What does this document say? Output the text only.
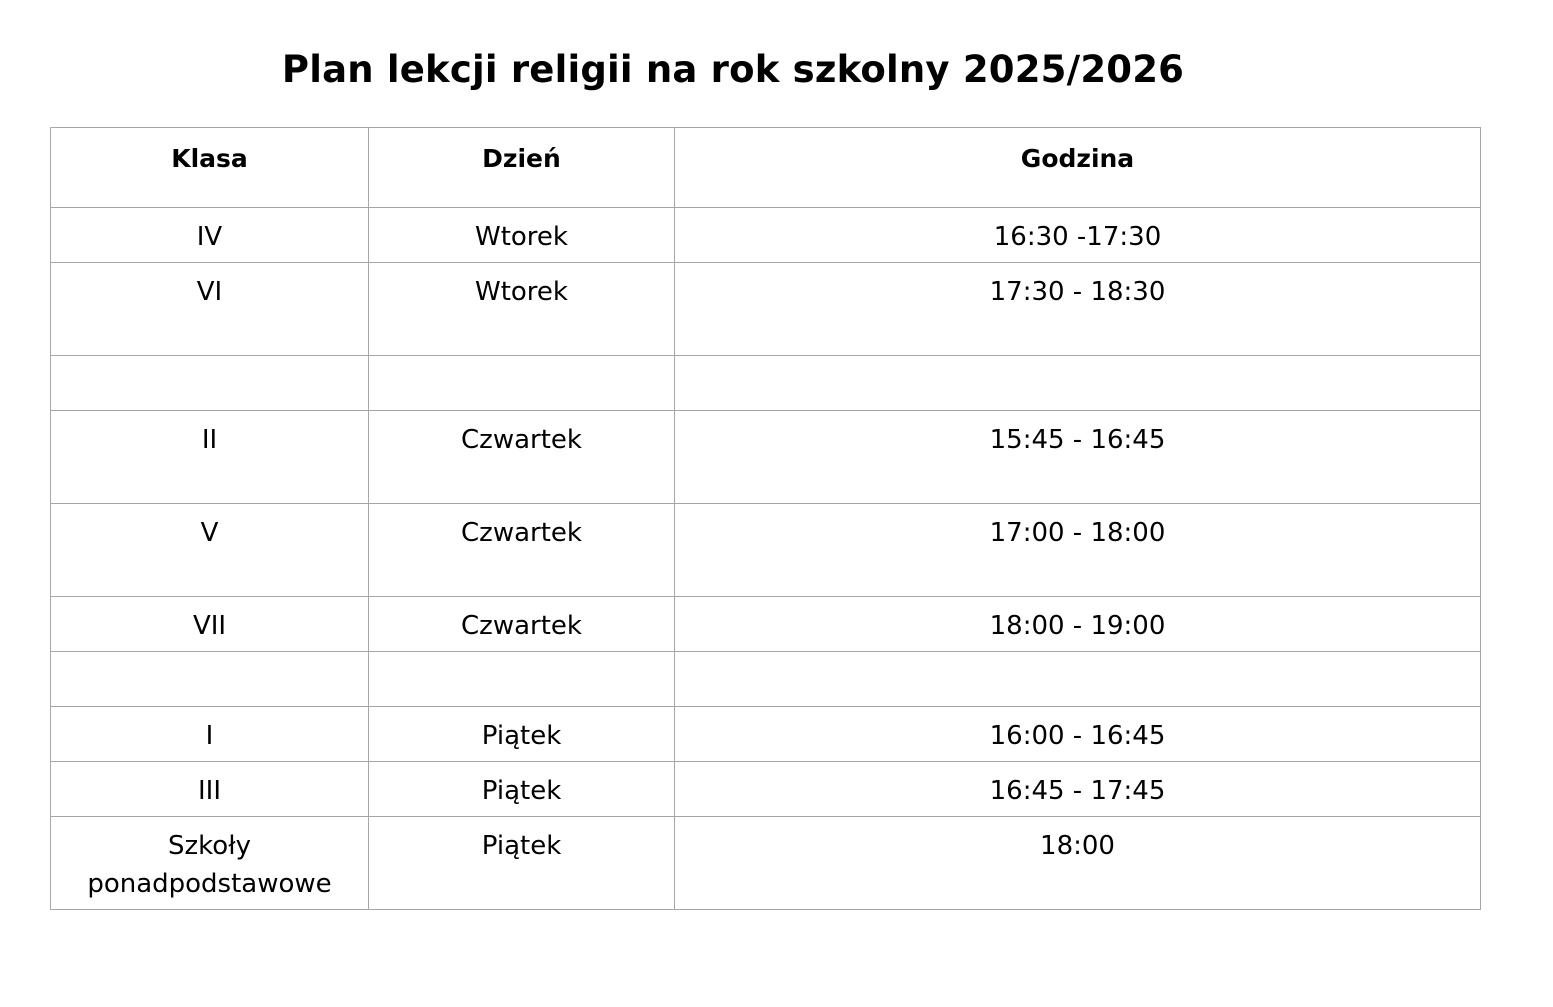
Plan lekcji religii na rok szkolny 2025/2026
Klasa	Dzień	Godzina
IV	Wtorek	16:30 -17:30
VI	Wtorek	17:30 - 18:30

II	Czwartek	15:45 - 16:45
V	Czwartek	17:00 - 18:00
VII	Czwartek	18:00 - 19:00

I	Piątek	16:00 - 16:45
III	Piątek	16:45 - 17:45
Szkoły ponadpodstawowe	Piątek	18:00
